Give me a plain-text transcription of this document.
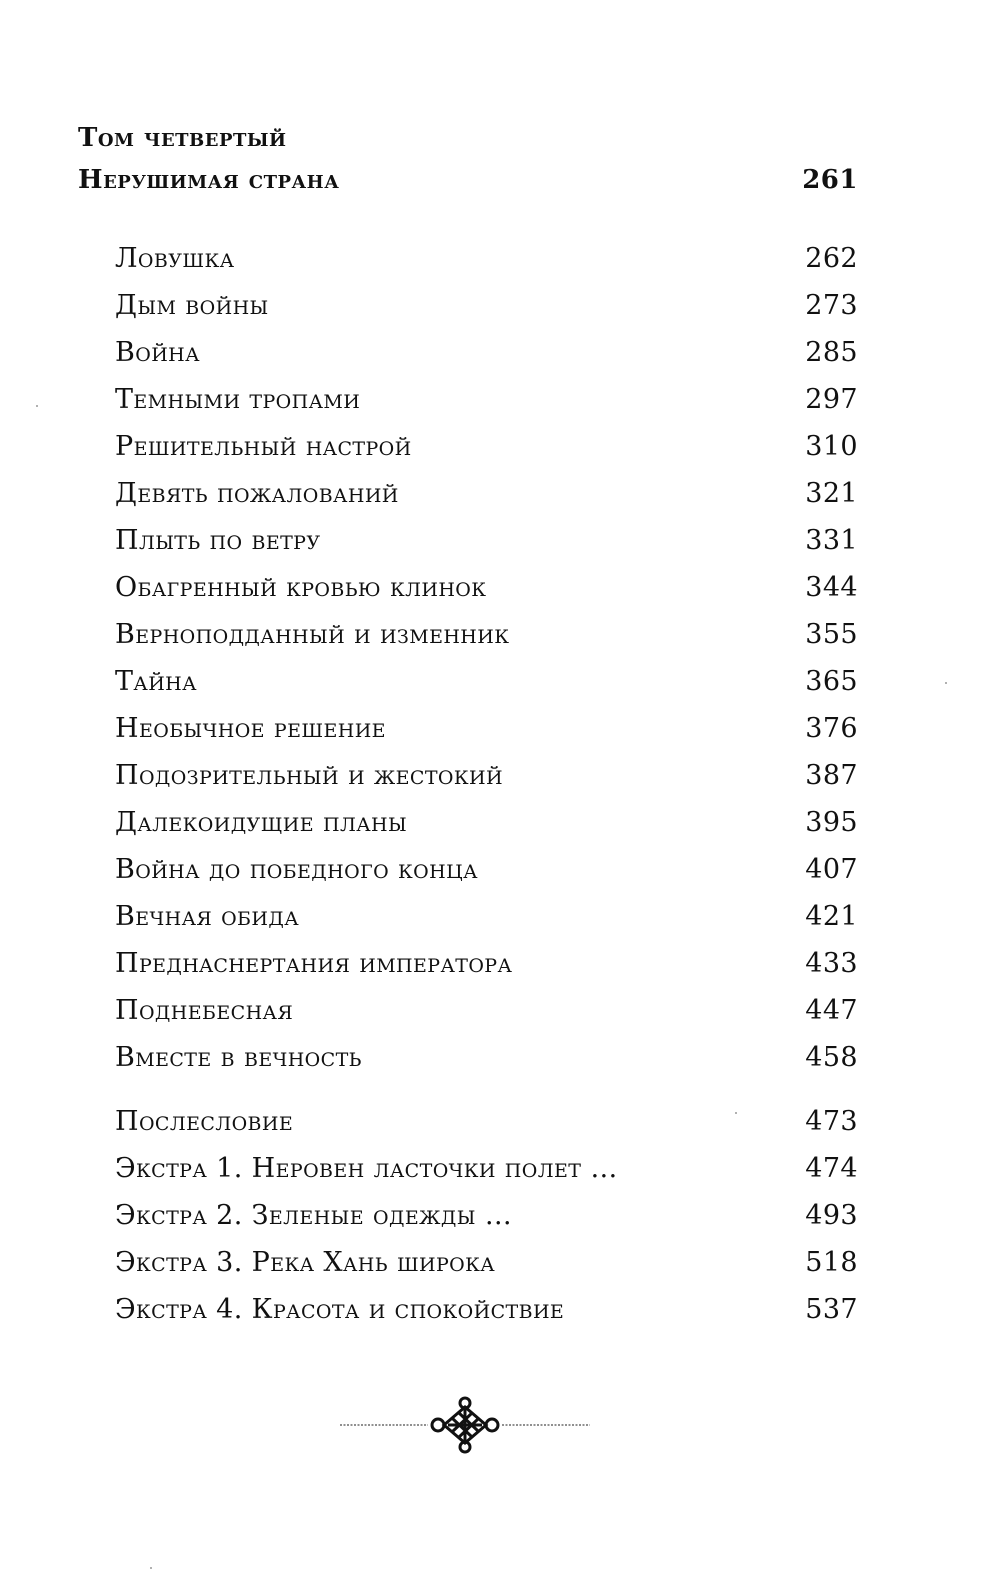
Том четвертый
Нерушимая страна	261
Ловушка	262
Дым войны	273
Война	285
Темными тропами	297
Решительный настрой	310
Девять пожалований	321
Плыть по ветру	331
Обагренный кровью клинок	344
Верноподданный и изменник	355
Тайна	365
Необычное решение	376
Подозрительный и жестокий	387
Далекоидущие планы	395
Война до победного конца	407
Вечная обида	421
Преднachертания императора	433
Поднебесная	447
Вместе в вечность	458
Послесловие	473
Экстра 1. Неровен ласточки полет …	474
Экстра 2. Зеленые одежды …	493
Экстра 3. Река Хань широка	518
Экстра 4. Красота и спокойствие	537
